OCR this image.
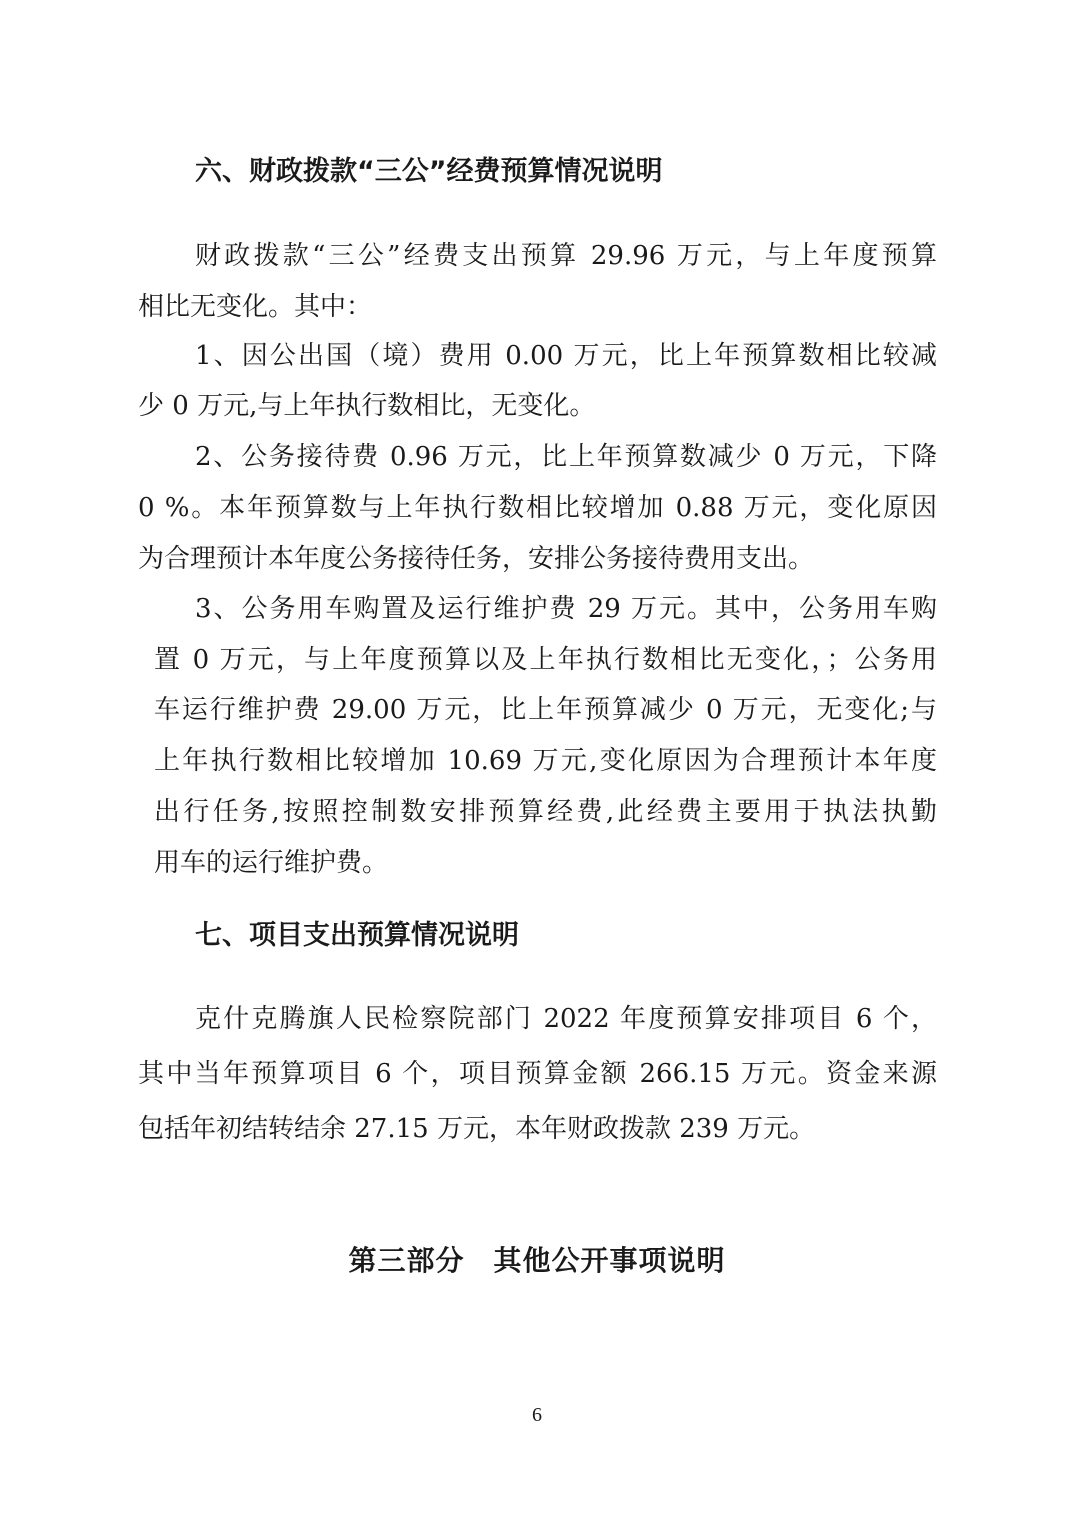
六、财政拨款“三公”经费预算情况说明
财政拨款“三公”经费支出预算 29.96 万元，与上年度预算
相比无变化。其中：
1、因公出国（境）费用 0.00 万元，比上年预算数相比较减
少 0 万元,与上年执行数相比，无变化。
2、公务接待费 0.96 万元，比上年预算数减少 0 万元，下降
0 %。本年预算数与上年执行数相比较增加 0.88 万元，变化原因
为合理预计本年度公务接待任务，安排公务接待费用支出。
3、公务用车购置及运行维护费 29 万元。其中，公务用车购
置 0 万元，与上年度预算以及上年执行数相比无变化，；公务用
车运行维护费 29.00 万元，比上年预算减少 0 万元，无变化;与
上年执行数相比较增加 10.69 万元,变化原因为合理预计本年度
出行任务,按照控制数安排预算经费,此经费主要用于执法执勤
用车的运行维护费。
七、项目支出预算情况说明
克什克腾旗人民检察院部门 2022 年度预算安排项目 6 个，
其中当年预算项目 6 个，项目预算金额 266.15 万元。资金来源
包括年初结转结余 27.15 万元，本年财政拨款 239 万元。
第三部分　其他公开事项说明
6
